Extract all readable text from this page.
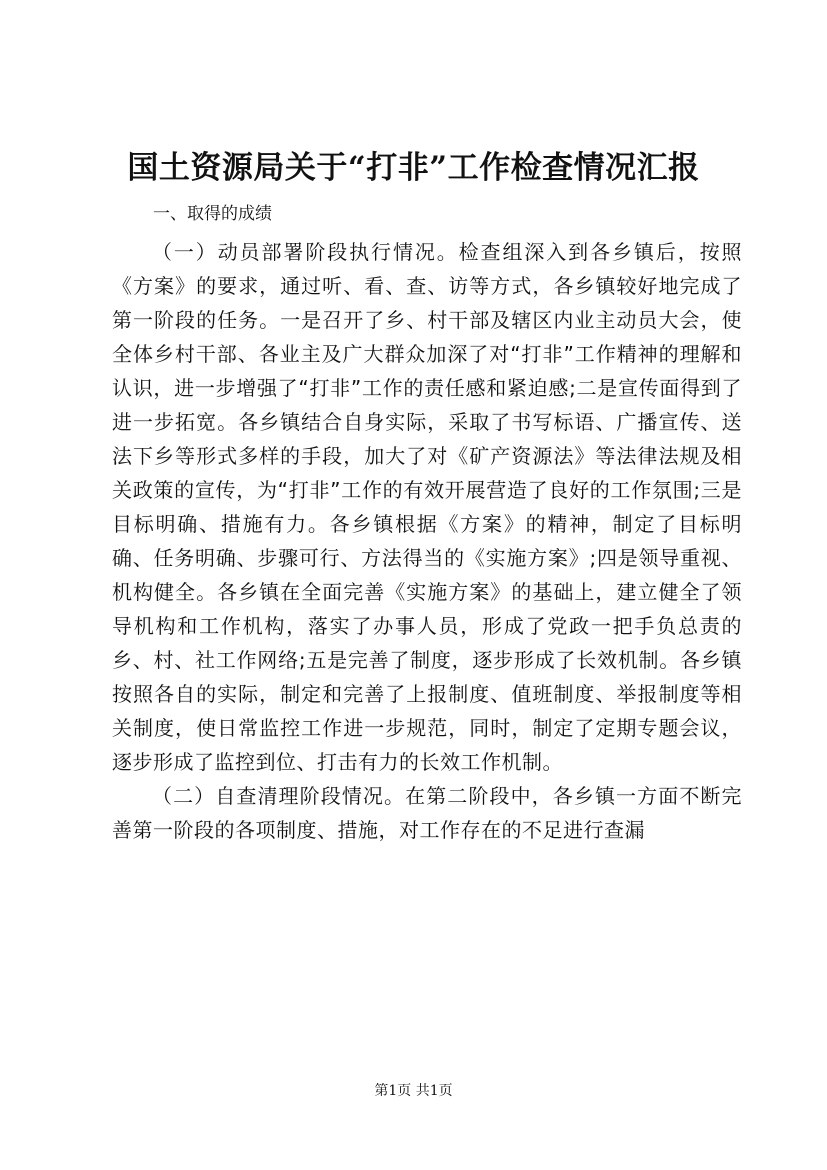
国土资源局关于“打非”工作检查情况汇报
一、取得的成绩

（一）动员部署阶段执行情况。检查组深入到各乡镇后，按照《方案》的要求，通过听、看、查、访等方式，各乡镇较好地完成了第一阶段的任务。一是召开了乡、村干部及辖区内业主动员大会，使全体乡村干部、各业主及广大群众加深了对“打非”工作精神的理解和认识，进一步增强了“打非”工作的责任感和紧迫感;二是宣传面得到了进一步拓宽。各乡镇结合自身实际，采取了书写标语、广播宣传、送法下乡等形式多样的手段，加大了对《矿产资源法》等法律法规及相关政策的宣传，为“打非”工作的有效开展营造了良好的工作氛围;三是目标明确、措施有力。各乡镇根据《方案》的精神，制定了目标明确、任务明确、步骤可行、方法得当的《实施方案》;四是领导重视、机构健全。各乡镇在全面完善《实施方案》的基础上，建立健全了领导机构和工作机构，落实了办事人员，形成了党政一把手负总责的乡、村、社工作网络;五是完善了制度，逐步形成了长效机制。各乡镇按照各自的实际，制定和完善了上报制度、值班制度、举报制度等相关制度，使日常监控工作进一步规范，同时，制定了定期专题会议，逐步形成了监控到位、打击有力的长效工作机制。

（二）自查清理阶段情况。在第二阶段中，各乡镇一方面不断完善第一阶段的各项制度、措施，对工作存在的不足进行查漏

第1页 共1页
